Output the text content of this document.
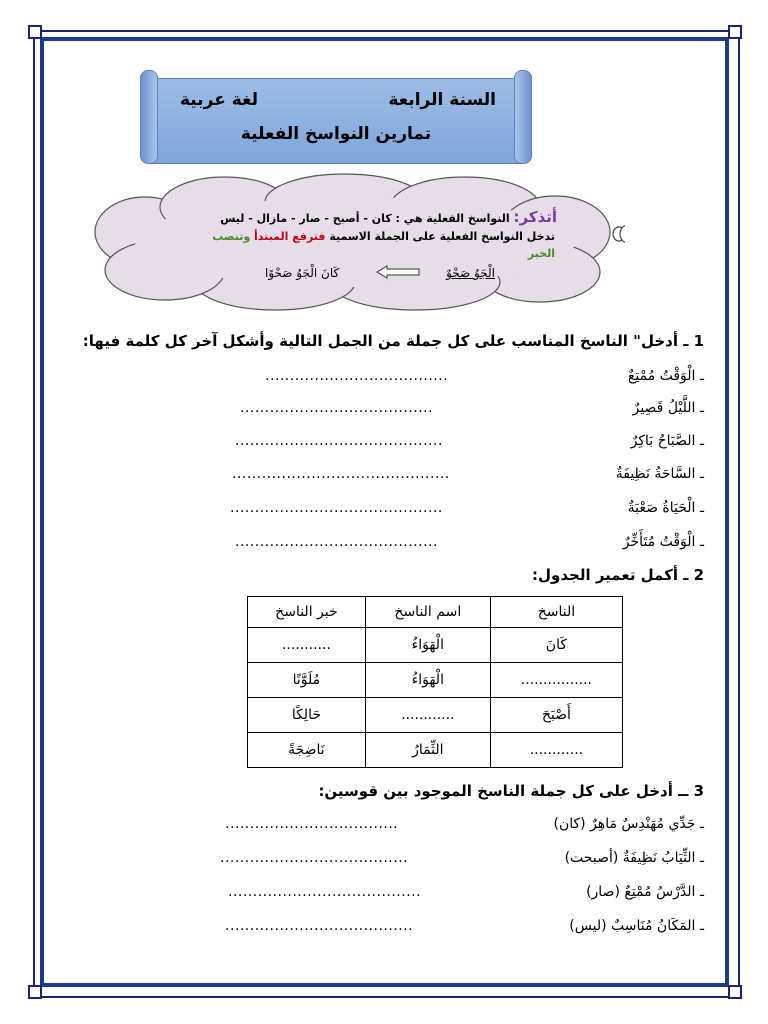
السنة الرابعة
لغة عربية
تمارين النواسخ الفعلية
أتذكر: النواسخ الفعلية هي : كان - أصبح - صار - مازال - ليس
تدخل النواسخ الفعلية على الجملة الاسمية فترفع المبتدأ وتنصب
الخبر
الْجَوُ صَحْوٌ
كَانَ الْجَوُ صَحْوًا
1 ـ أدخل" الناسخ المناسب على كل جملة من الجمل التالية وأشكل آخر كل كلمة فيها:
ـ الْوَقْتُ مُمْتِعٌ
.....................................
ـ اللَّيْلُ قَصِيرٌ
.......................................
ـ الصَّبَاحُ بَاكِرٌ
..........................................
ـ السَّاحَةُ نَظِيفَةٌ
............................................
ـ الْحَيَاةُ صَعْبَةٌ
...........................................
ـ الْوَقْتُ مُتَأَخِّرٌ
.........................................
2 ـ أكمل تعمير الجدول:
الناسخ	اسم الناسخ	خبر الناسخ
كَانَ	الْهَوَاءُ	...........
................	الْهَوَاءُ	مُلَوَّنًا
أَصْبَحَ	............	حَالِكًا
............	الثِّمَارُ	نَاضِجَةً
3 ــ أدخل على كل جملة الناسخ الموجود بين قوسين:
ـ جَدِّي مُهَنْدِسٌ مَاهِرٌ (كان)
...................................
ـ الثِّيَابُ نَظِيفَةٌ (أصبحت)
......................................
ـ الدَّرْسُ مُمْتِعٌ (صار)
.......................................
ـ المَكَانُ مُنَاسِبٌ (ليس)
......................................
